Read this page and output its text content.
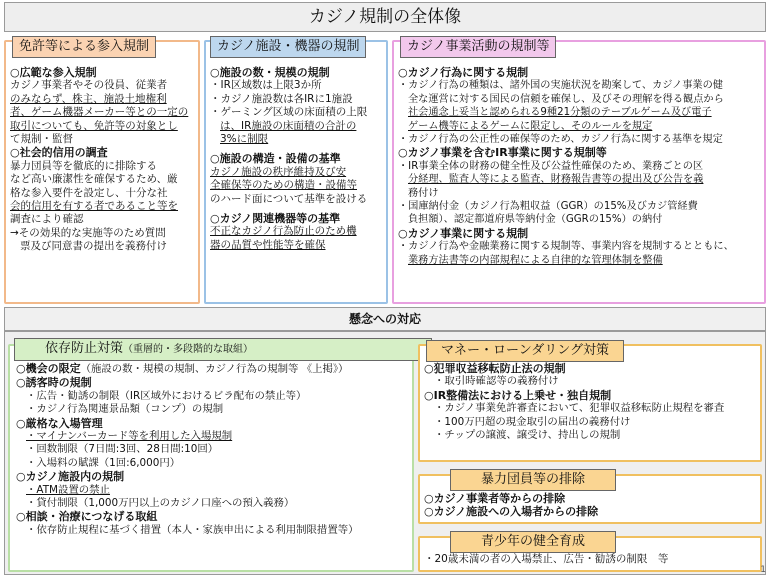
カジノ規制の全体像
免許等による参入規制
○広範な参入規制
カジノ事業者やその役員、従業者
のみならず、株主、施設土地権利
者、ゲーム機器メーカー等との一定の
取引についても、免許等の対象とし
て規制・監督
○社会的信用の調査
暴力団員等を徹底的に排除する
など高い廉潔性を確保するため、厳
格な参入要件を設定し、十分な社
会的信用を有する者であること等を
調査により確認
→その効果的な実施等のため質問
票及び同意書の提出を義務付け
カジノ施設・機器の規制
○施設の数・規模の規制
・IR区域数は上限3か所
・カジノ施設数は各IRに1施設
・ゲーミング区域の床面積の上限
は、IR施設の床面積の合計の
3%に制限
○施設の構造・設備の基準
カジノ施設の秩序維持及び安
全確保等のための構造・設備等
のハード面について基準を設ける
○カジノ関連機器等の基準
不正なカジノ行為防止のため機
器の品質や性能等を確保
カジノ事業活動の規制等
○カジノ行為に関する規制
・カジノ行為の種類は、諸外国の実施状況を勘案して、カジノ事業の健
全な運営に対する国民の信頼を確保し、及びその理解を得る観点から
社会通念上妥当と認められる9種21分類のテーブルゲーム及び電子
ゲーム機等によるゲームに限定し、そのルールを規定
・カジノ行為の公正性の確保等のため、カジノ行為に関する基準を規定
○カジノ事業を含むIR事業に関する規制等
・IR事業全体の財務の健全性及び公益性確保のため、業務ごとの区
分経理、監査人等による監査、財務報告書等の提出及び公告を義
務付け
・国庫納付金（カジノ行為粗収益（GGR）の15%及びカジ管経費
負担額）、認定都道府県等納付金（GGRの15%）の納付
○カジノ事業に関する規制
・カジノ行為や金融業務に関する規制等、事業内容を規制するとともに、
業務方法書等の内部規程による自律的な管理体制を整備
懸念への対応
依存防止対策（重層的・多段階的な取組）
○機会の限定（施設の数・規模の規制、カジノ行為の規制等 《上掲》）
○誘客時の規制
・広告・勧誘の制限（IR区域外におけるビラ配布の禁止等）
・カジノ行為関連景品類（コンプ）の規制
○厳格な入場管理
・マイナンバーカード等を利用した入場規制
・回数制限（7日間:3回、28日間:10回）
・入場料の賦課（1回:6,000円）
○カジノ施設内の規制
・ATM設置の禁止
・貸付制限（1,000万円以上のカジノ口座への預入義務）
○相談・治療につなげる取組
・依存防止規程に基づく措置（本人・家族申出による利用制限措置等）
マネー・ローンダリング対策
○犯罪収益移転防止法の規制
・取引時確認等の義務付け
○IR整備法における上乗せ・独自規制
・カジノ事業免許審査において、犯罪収益移転防止規程を審査
・100万円超の現金取引の届出の義務付け
・チップの譲渡、譲受け、持出しの規制
暴力団員等の排除
○カジノ事業者等からの排除
○カジノ施設への入場者からの排除
青少年の健全育成
・20歳未満の者の入場禁止、広告・勧誘の制限　等
1
